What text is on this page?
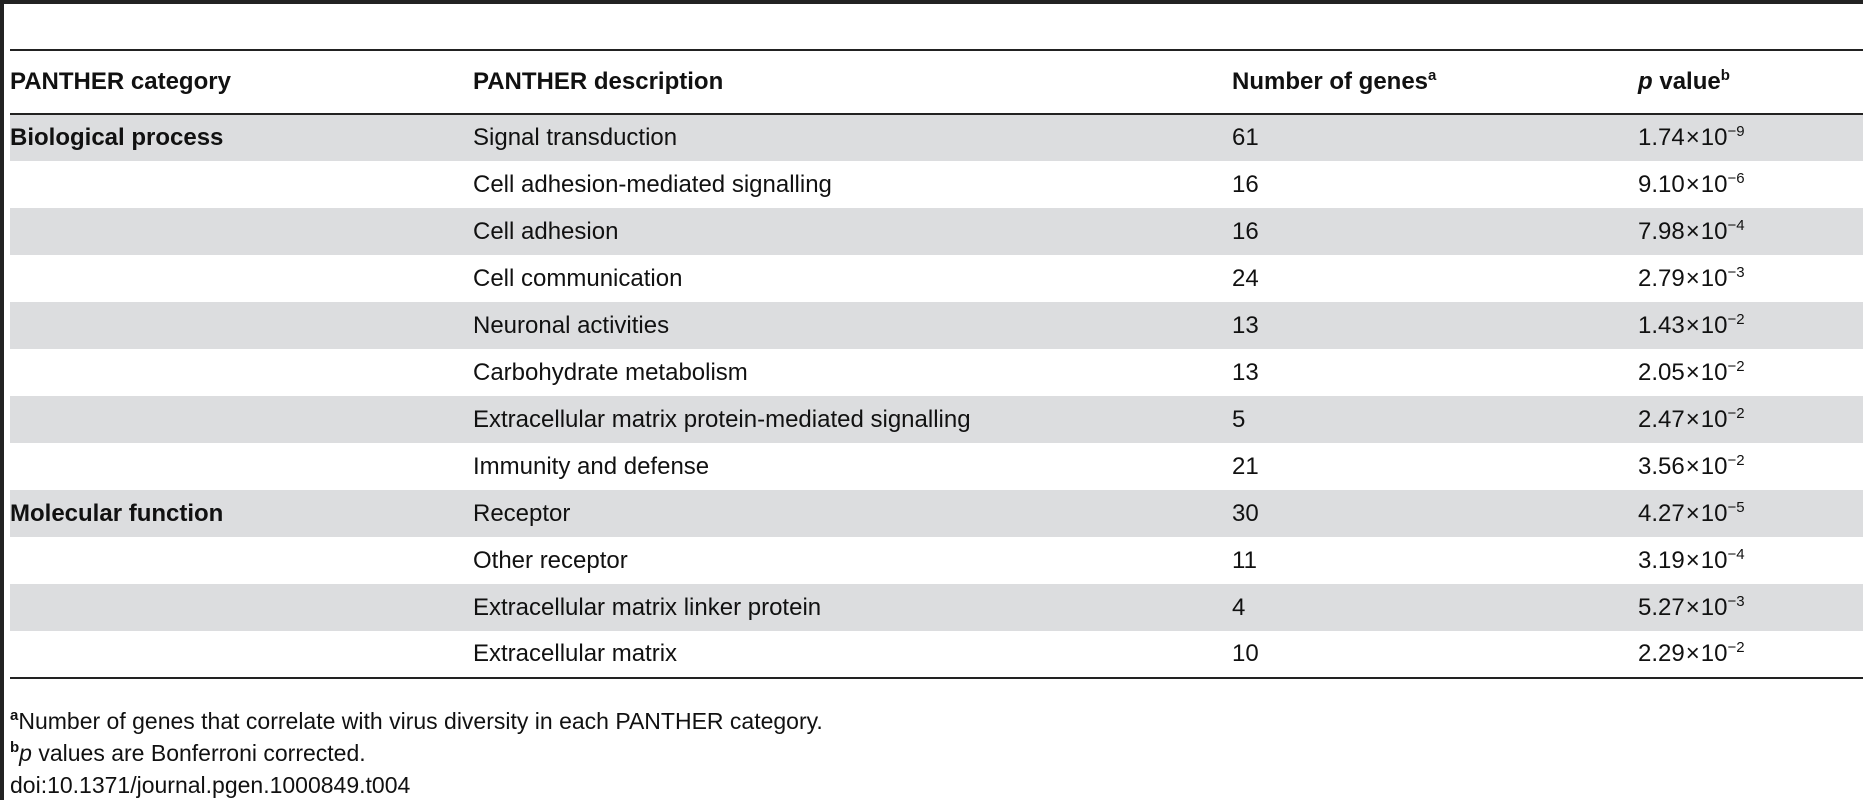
PANTHER category	PANTHER description	Number of genes$^a$	p value$^b$
Biological process	Signal transduction	61	$1.74\times 10^{-9}$
	Cell adhesion-mediated signalling	16	$9.10\times 10^{-6}$
	Cell adhesion	16	$7.98\times 10^{-4}$
	Cell communication	24	$2.79\times 10^{-3}$
	Neuronal activities	13	$1.43\times 10^{-2}$
	Carbohydrate metabolism	13	$2.05\times 10^{-2}$
	Extracellular matrix protein-mediated signalling	5	$2.47\times 10^{-2}$
	Immunity and defense	21	$3.56\times 10^{-2}$
Molecular function	Receptor	30	$4.27\times 10^{-5}$
	Other receptor	11	$3.19\times 10^{-4}$
	Extracellular matrix linker protein	4	$5.27\times 10^{-3}$
	Extracellular matrix	10	$2.29\times 10^{-2}$
$^a$Number of genes that correlate with virus diversity in each PANTHER category.
$^b$p values are Bonferroni corrected.
doi:10.1371/journal.pgen.1000849.t004
